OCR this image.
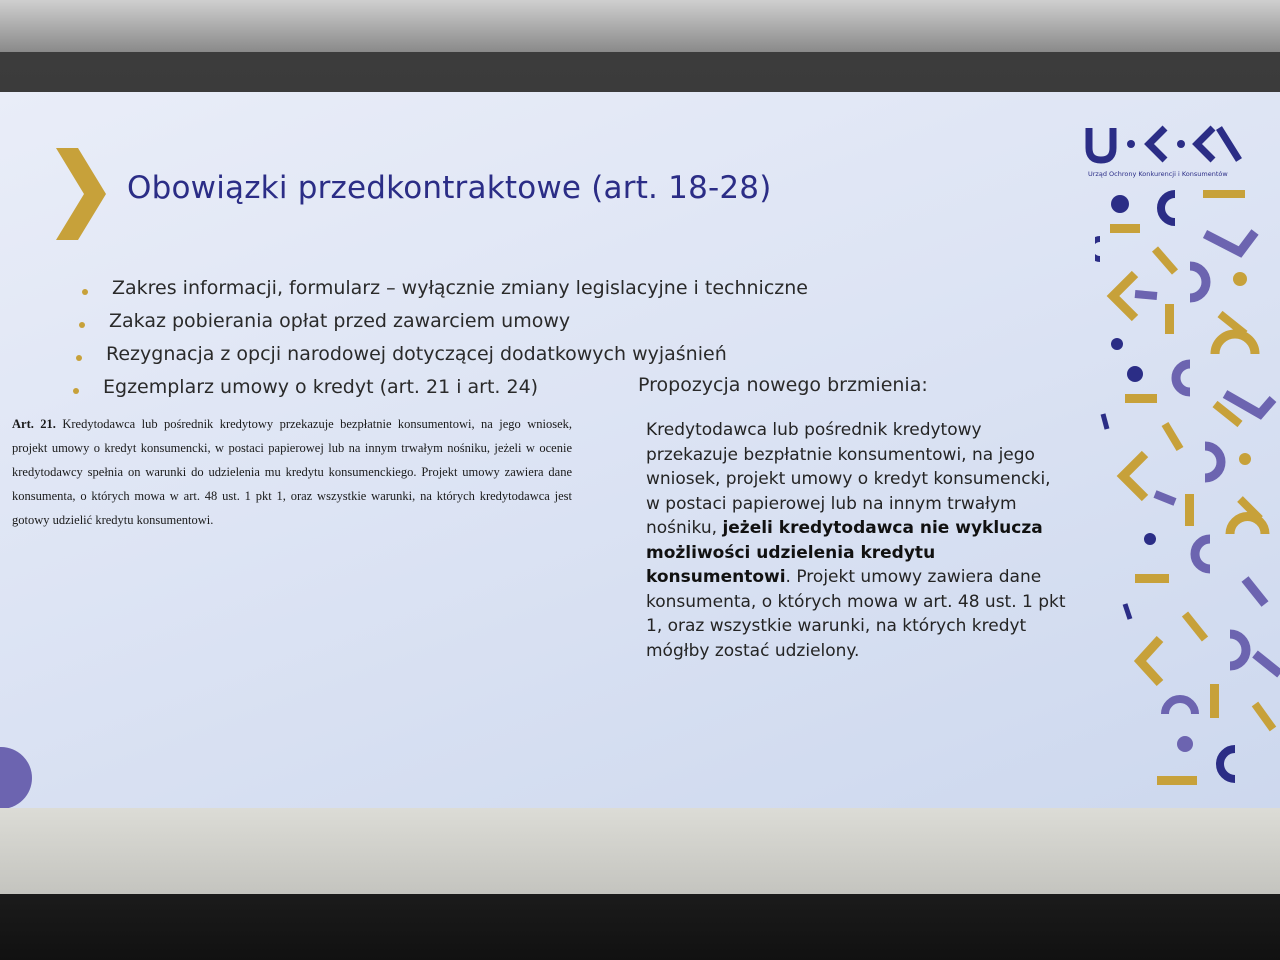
Obowiązki przedkontraktowe (art. 18-28)
Zakres informacji, formularz – wyłącznie zmiany legislacyjne i techniczne
Zakaz pobierania opłat przed zawarciem umowy
Rezygnacja z opcji narodowej dotyczącej dodatkowych wyjaśnień
Egzemplarz umowy o kredyt (art. 21 i art. 24)	Propozycja nowego brzmienia:

Art. 21. Kredytodawca lub pośrednik kredytowy przekazuje bezpłatnie konsumentowi, na jego wniosek, projekt umowy o kredyt konsumencki, w postaci papierowej lub na innym trwałym nośniku, jeżeli w ocenie kredytodawcy spełnia on warunki do udzielenia mu kredytu konsumenckiego. Projekt umowy zawiera dane konsumenta, o których mowa w art. 48 ust. 1 pkt 1, oraz wszystkie warunki, na których kredytodawca jest gotowy udzielić kredytu konsumentowi.

Kredytodawca lub pośrednik kredytowy przekazuje bezpłatnie konsumentowi, na jego wniosek, projekt umowy o kredyt konsumencki, w postaci papierowej lub na innym trwałym nośniku, jeżeli kredytodawca nie wyklucza możliwości udzielenia kredytu konsumentowi. Projekt umowy zawiera dane konsumenta, o których mowa w art. 48 ust. 1 pkt 1, oraz wszystkie warunki, na których kredyt mógłby zostać udzielony.

Urząd Ochrony Konkurencji i Konsumentów
